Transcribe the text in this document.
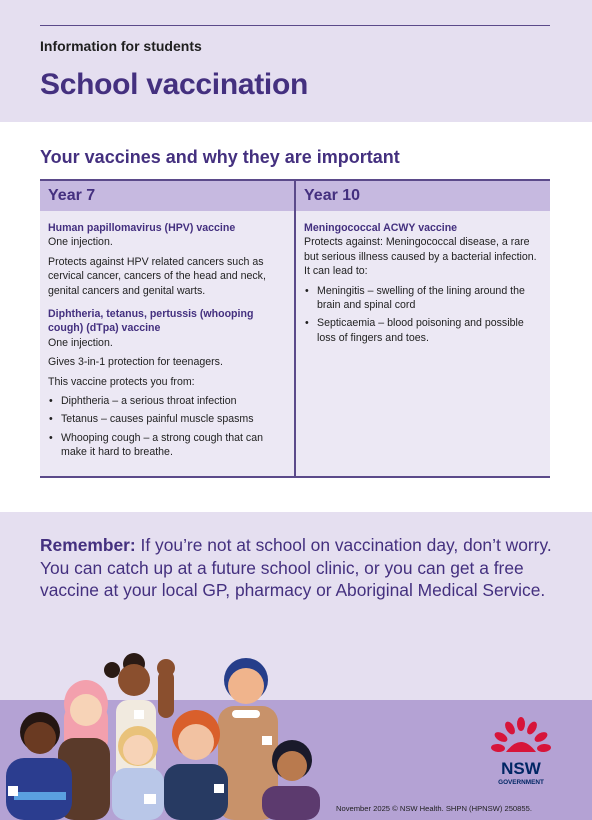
Information for students
School vaccination
Your vaccines and why they are important
Year 7
Human papillomavirus (HPV) vaccine
One injection.
Protects against HPV related cancers such as cervical cancer, cancers of the head and neck, genital cancers and genital warts.
Diphtheria, tetanus, pertussis (whooping cough) (dTpa) vaccine
One injection.
Gives 3-in-1 protection for teenagers.
This vaccine protects you from:
• Diphtheria – a serious throat infection
• Tetanus – causes painful muscle spasms
• Whooping cough – a strong cough that can make it hard to breathe.
Year 10
Meningococcal ACWY vaccine
Protects against: Meningococcal disease, a rare but serious illness caused by a bacterial infection. It can lead to:
• Meningitis – swelling of the lining around the brain and spinal cord
• Septicaemia – blood poisoning and possible loss of fingers and toes.
Remember: If you’re not at school on vaccination day, don’t worry. You can catch up at a future school clinic, or you can get a free vaccine at your local GP, pharmacy or Aboriginal Medical Service.
NSW
GOVERNMENT
November 2025 © NSW Health. SHPN (HPNSW) 250855.
